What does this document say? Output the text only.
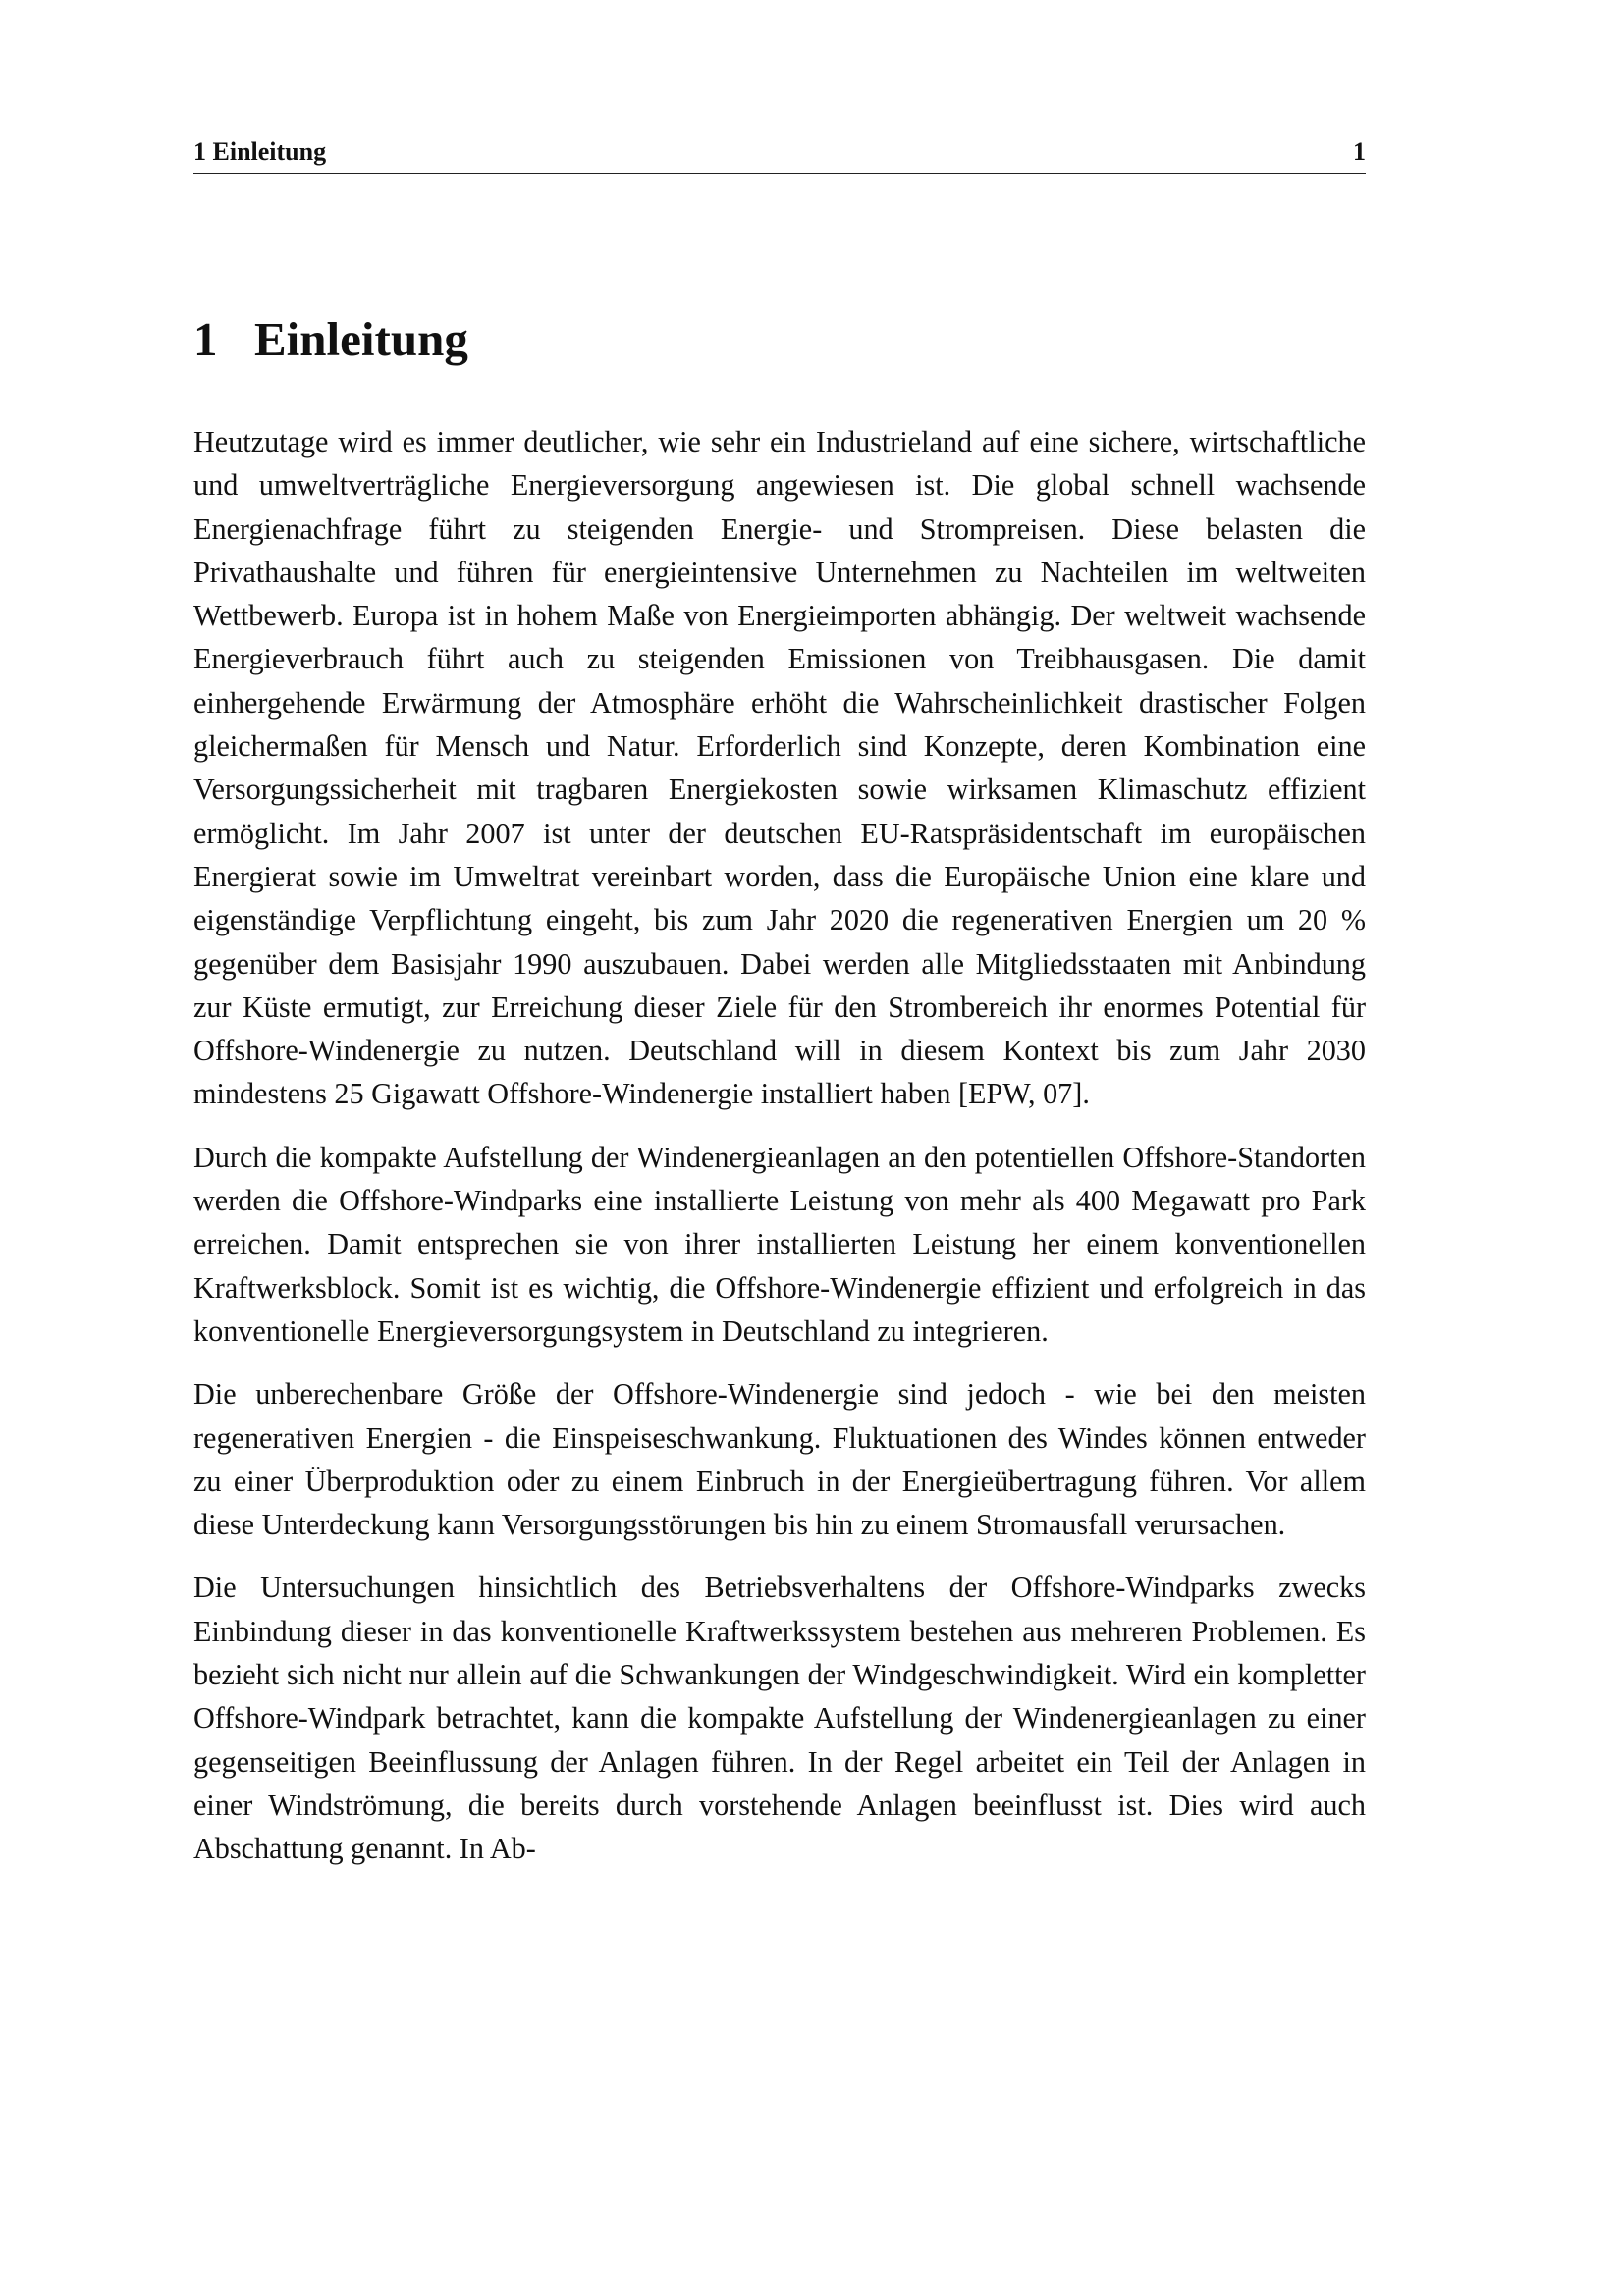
1 Einleitung	1
1 Einleitung

Heutzutage wird es immer deutlicher, wie sehr ein Industrieland auf eine sichere, wirtschaftliche und umweltverträgliche Energieversorgung angewiesen ist. Die global schnell wachsende Energienachfrage führt zu steigenden Energie- und Strompreisen. Diese belasten die Privathaushalte und führen für energieintensive Unternehmen zu Nachteilen im weltweiten Wettbewerb. Europa ist in hohem Maße von Energieimporten abhängig. Der weltweit wachsende Energieverbrauch führt auch zu steigenden Emissionen von Treibhausgasen. Die damit einhergehende Erwärmung der Atmosphäre erhöht die Wahrscheinlichkeit drastischer Folgen gleichermaßen für Mensch und Natur. Erforderlich sind Konzepte, deren Kombination eine Versorgungssicherheit mit tragbaren Energiekosten sowie wirksamen Klimaschutz effizient ermöglicht. Im Jahr 2007 ist unter der deutschen EU-Ratspräsidentschaft im europäischen Energierat sowie im Umweltrat vereinbart worden, dass die Europäische Union eine klare und eigenständige Verpflichtung eingeht, bis zum Jahr 2020 die regenerativen Energien um 20 % gegenüber dem Basisjahr 1990 auszubauen. Dabei werden alle Mitgliedsstaaten mit Anbindung zur Küste ermutigt, zur Erreichung dieser Ziele für den Strombereich ihr enormes Potential für Offshore-Windenergie zu nutzen. Deutschland will in diesem Kontext bis zum Jahr 2030 mindestens 25 Gigawatt Offshore-Windenergie installiert haben [EPW, 07].

Durch die kompakte Aufstellung der Windenergieanlagen an den potentiellen Offshore-Standorten werden die Offshore-Windparks eine installierte Leistung von mehr als 400 Megawatt pro Park erreichen. Damit entsprechen sie von ihrer installierten Leistung her einem konventionellen Kraftwerksblock. Somit ist es wichtig, die Offshore-Windenergie effizient und erfolgreich in das konventionelle Energieversorgungsystem in Deutschland zu integrieren.

Die unberechenbare Größe der Offshore-Windenergie sind jedoch - wie bei den meisten regenerativen Energien - die Einspeiseschwankung. Fluktuationen des Windes können entweder zu einer Überproduktion oder zu einem Einbruch in der Energieübertragung führen. Vor allem diese Unterdeckung kann Versorgungsstörungen bis hin zu einem Stromausfall verursachen.

Die Untersuchungen hinsichtlich des Betriebsverhaltens der Offshore-Windparks zwecks Einbindung dieser in das konventionelle Kraftwerkssystem bestehen aus mehreren Problemen. Es bezieht sich nicht nur allein auf die Schwankungen der Windgeschwindigkeit. Wird ein kompletter Offshore-Windpark betrachtet, kann die kompakte Aufstellung der Windenergieanlagen zu einer gegenseitigen Beeinflussung der Anlagen führen. In der Regel arbeitet ein Teil der Anlagen in einer Windströmung, die bereits durch vorstehende Anlagen beeinflusst ist. Dies wird auch Abschattung genannt. In Ab-
